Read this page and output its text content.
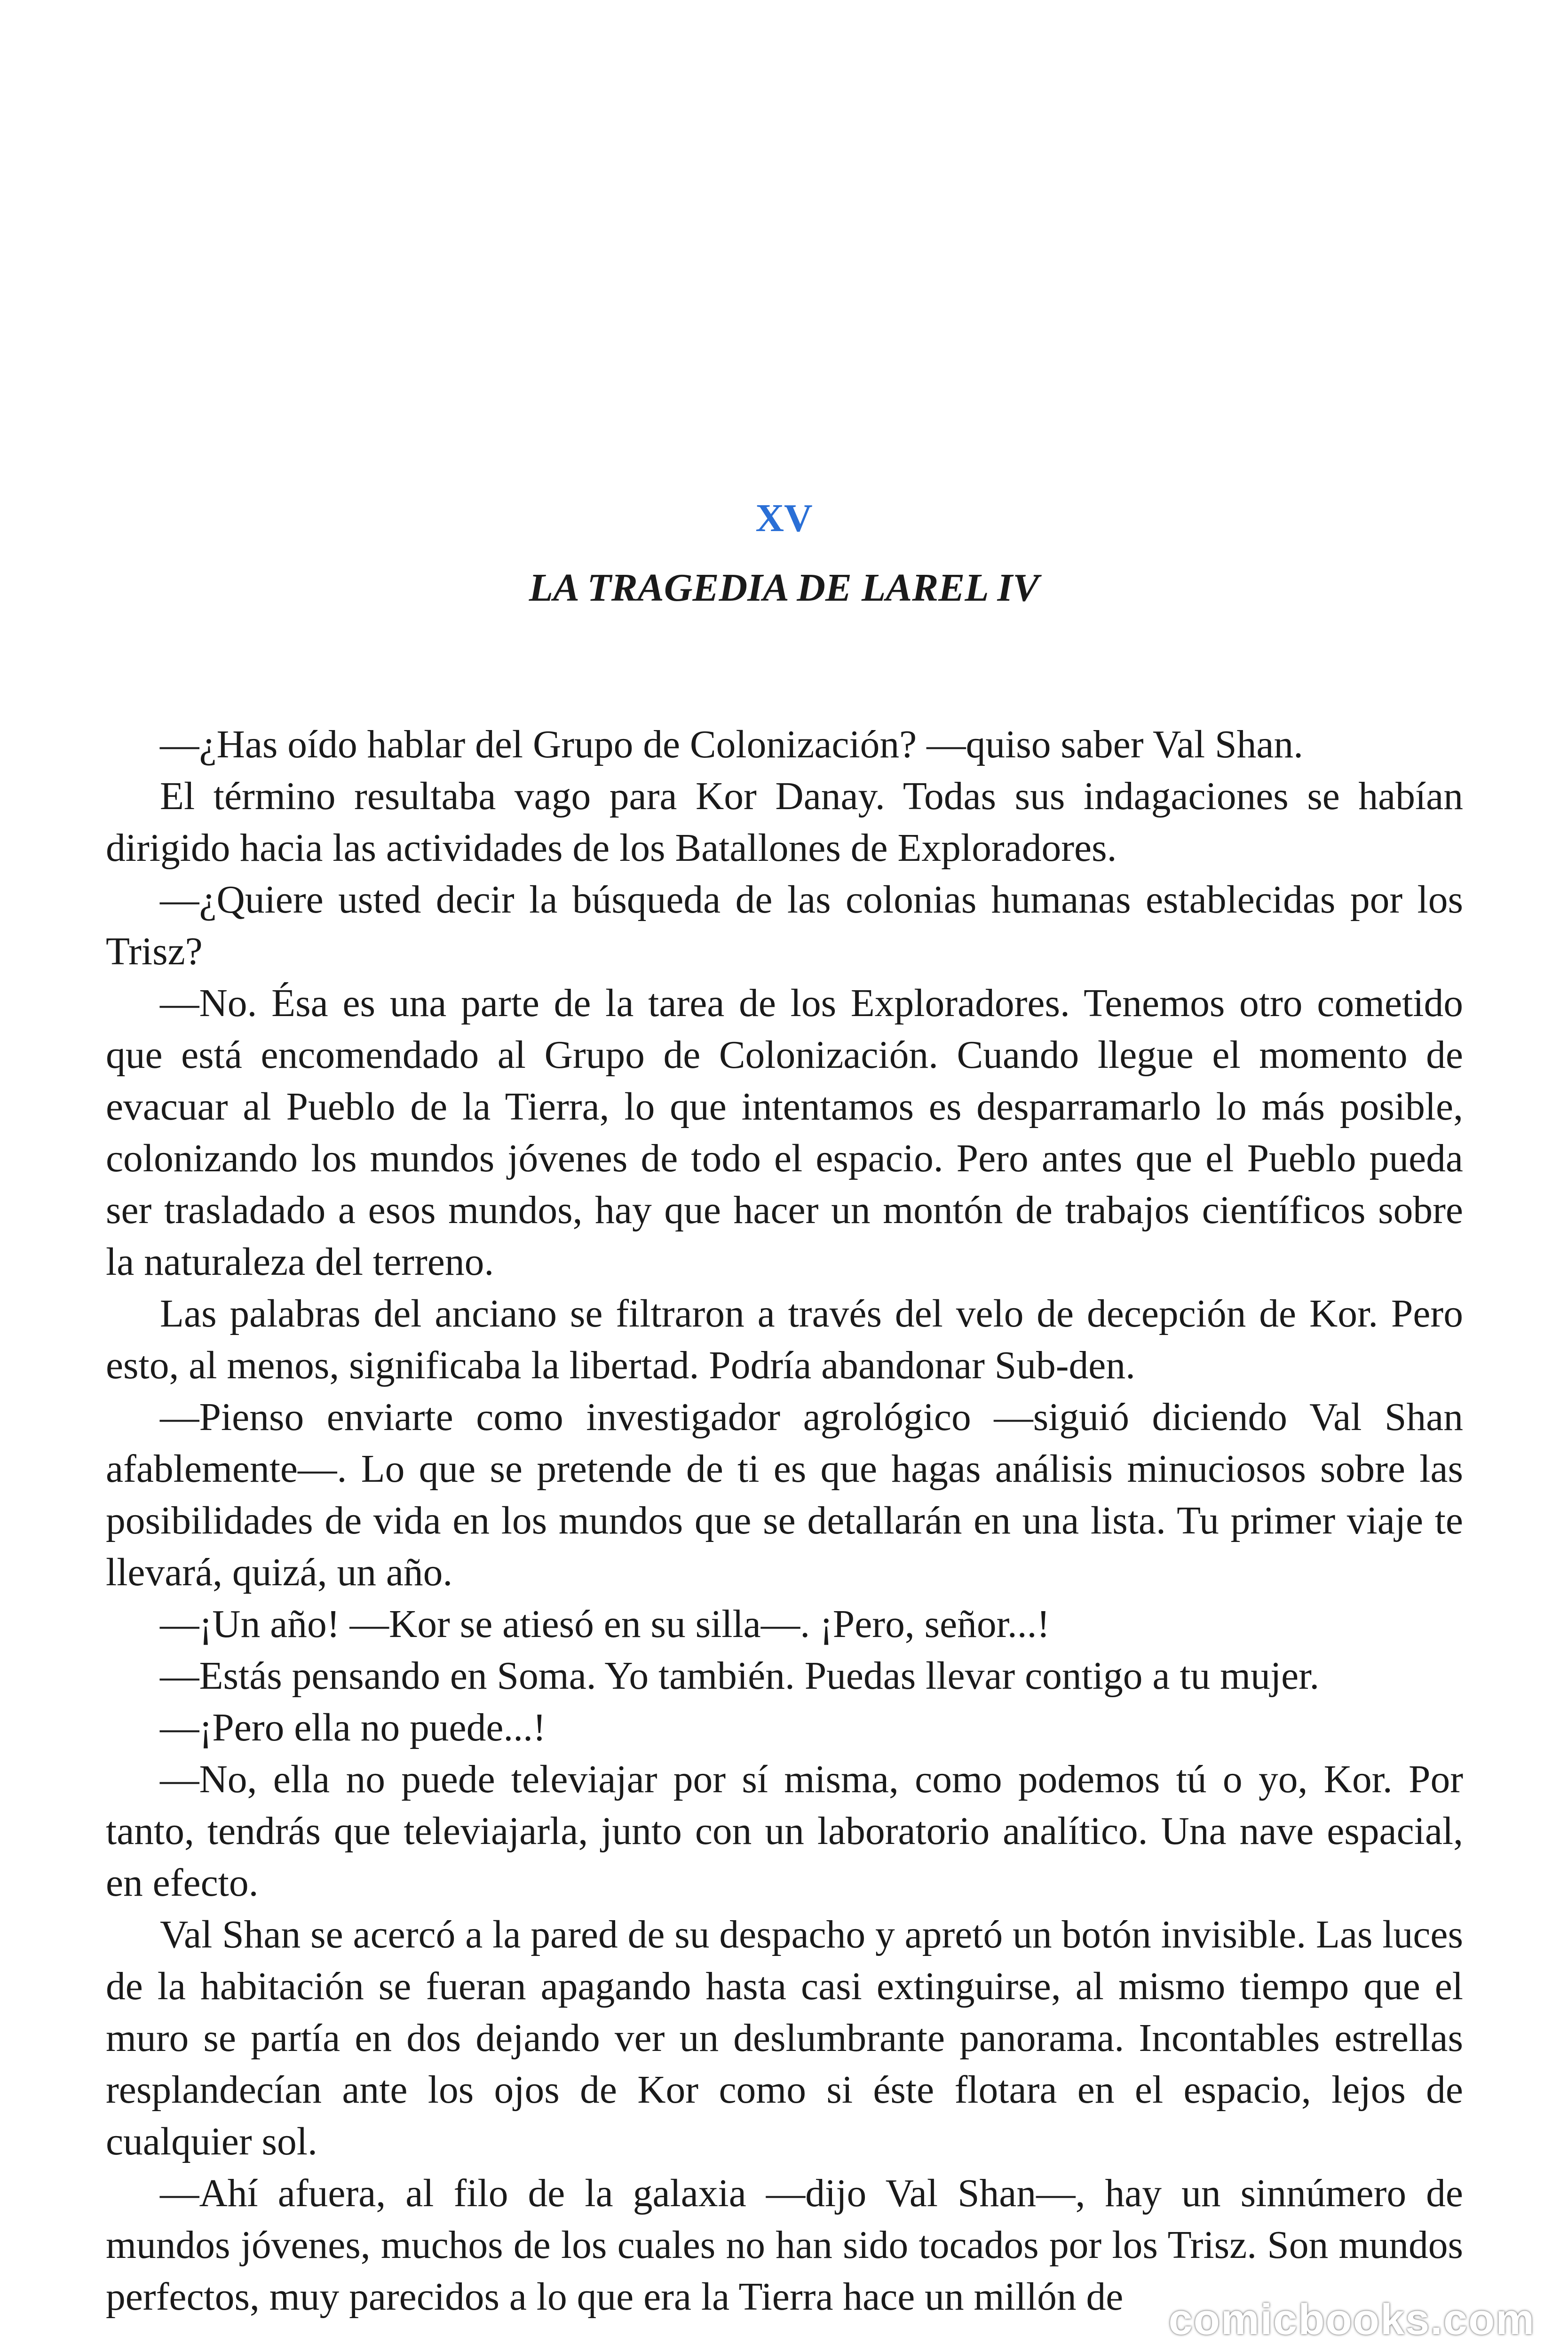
XV
LA TRAGEDIA DE LAREL IV

—¿Has oído hablar del Grupo de Colonización? —quiso saber Val Shan.

El término resultaba vago para Kor Danay. Todas sus indagaciones se habían dirigido hacia las actividades de los Batallones de Exploradores.

—¿Quiere usted decir la búsqueda de las colonias humanas establecidas por los Trisz?

—No. Ésa es una parte de la tarea de los Exploradores. Tenemos otro cometido que está encomendado al Grupo de Colonización. Cuando llegue el momento de evacuar al Pueblo de la Tierra, lo que intentamos es desparramarlo lo más posible, colonizando los mundos jóvenes de todo el espacio. Pero antes que el Pueblo pueda ser trasladado a esos mundos, hay que hacer un montón de trabajos científicos sobre la naturaleza del terreno.

Las palabras del anciano se filtraron a través del velo de decepción de Kor. Pero esto, al menos, significaba la libertad. Podría abandonar Sub-den.

—Pienso enviarte como investigador agrológico —siguió diciendo Val Shan afablemente—. Lo que se pretende de ti es que hagas análisis minuciosos sobre las posibilidades de vida en los mundos que se detallarán en una lista. Tu primer viaje te llevará, quizá, un año.

—¡Un año! —Kor se atiesó en su silla—. ¡Pero, señor...!

—Estás pensando en Soma. Yo también. Puedas llevar contigo a tu mujer.

—¡Pero ella no puede...!

—No, ella no puede televiajar por sí misma, como podemos tú o yo, Kor. Por tanto, tendrás que televiajarla, junto con un laboratorio analítico. Una nave espacial, en efecto.

Val Shan se acercó a la pared de su despacho y apretó un botón invisible. Las luces de la habitación se fueran apagando hasta casi extinguirse, al mismo tiempo que el muro se partía en dos dejando ver un deslumbrante panorama. Incontables estrellas resplandecían ante los ojos de Kor como si éste flotara en el espacio, lejos de cualquier sol.

—Ahí afuera, al filo de la galaxia —dijo Val Shan—, hay un sinnúmero de mundos jóvenes, muchos de los cuales no han sido tocados por los Trisz. Son mundos perfectos, muy parecidos a lo que era la Tierra hace un millón de	comicbooks.com
